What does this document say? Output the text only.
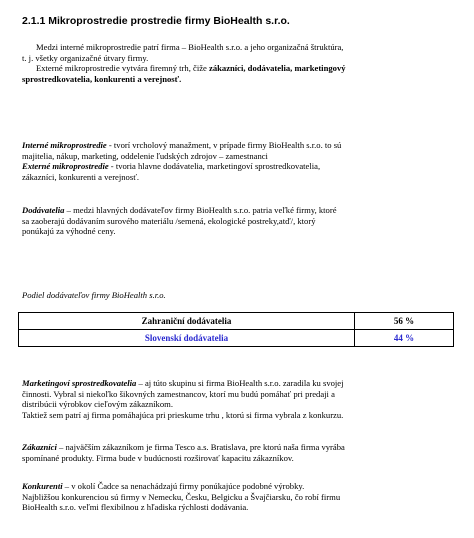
2.1.1 Mikroprostredie prostredie firmy BioHealth s.r.o.
Medzi interné mikroprostredie patrí firma – BioHealth s.r.o. a jeho organizačná štruktúra,
t. j. všetky organizačné útvary firmy.
Externé mikroprostredie vytvára firemný trh, čiže zákazníci, dodávatelia, marketingový
sprostredkovatelia, konkurenti a verejnosť.
Interné mikroprostredie - tvorí vrcholový manažment, v prípade firmy BioHealth s.r.o. to sú
majitelia, nákup, marketing, oddelenie ľudských zdrojov – zamestnanci
Externé mikroprostredie - tvoria hlavne dodávatelia, marketingoví sprostredkovatelia,
zákazníci, konkurenti a verejnosť.
Dodávatelia – medzi hlavných dodávateľov firmy BioHealth s.r.o. patria veľké firmy, ktoré
sa zaoberajú dodávaním surového materiálu /semená, ekologické postreky,atď/, ktorý
ponúkajú za výhodné ceny.
Podiel dodávateľov firmy BioHealth s.r.o.
Zahraniční dodávatelia	56 %
Slovenskí dodávatelia	44 %
Marketingoví sprostredkovatelia – aj túto skupinu si firma BioHealth s.r.o. zaradila ku svojej
činnosti. Vybral si niekoľko šikovných zamestnancov, ktorí mu budú pomáhať pri predaji a
distribúcii výrobkov cieľovým zákazníkom.
Taktiež sem patrí aj firma pomáhajúca pri prieskume trhu , ktorú si firma vybrala z konkurzu.
Zákazníci – najväčším zákazníkom je firma Tesco a.s. Bratislava, pre ktorú naša firma vyrába
spomínané produkty. Firma bude v budúcnosti rozširovať kapacitu zákazníkov.
Konkurenti – v okolí Čadce sa nenachádzajú firmy ponúkajúce podobné výrobky.
Najbližšou konkurenciou sú firmy v Nemecku, Česku, Belgicku a Švajčiarsku, čo robí firmu
BioHealth s.r.o. veľmi flexibilnou z hľadiska rýchlosti dodávania.
